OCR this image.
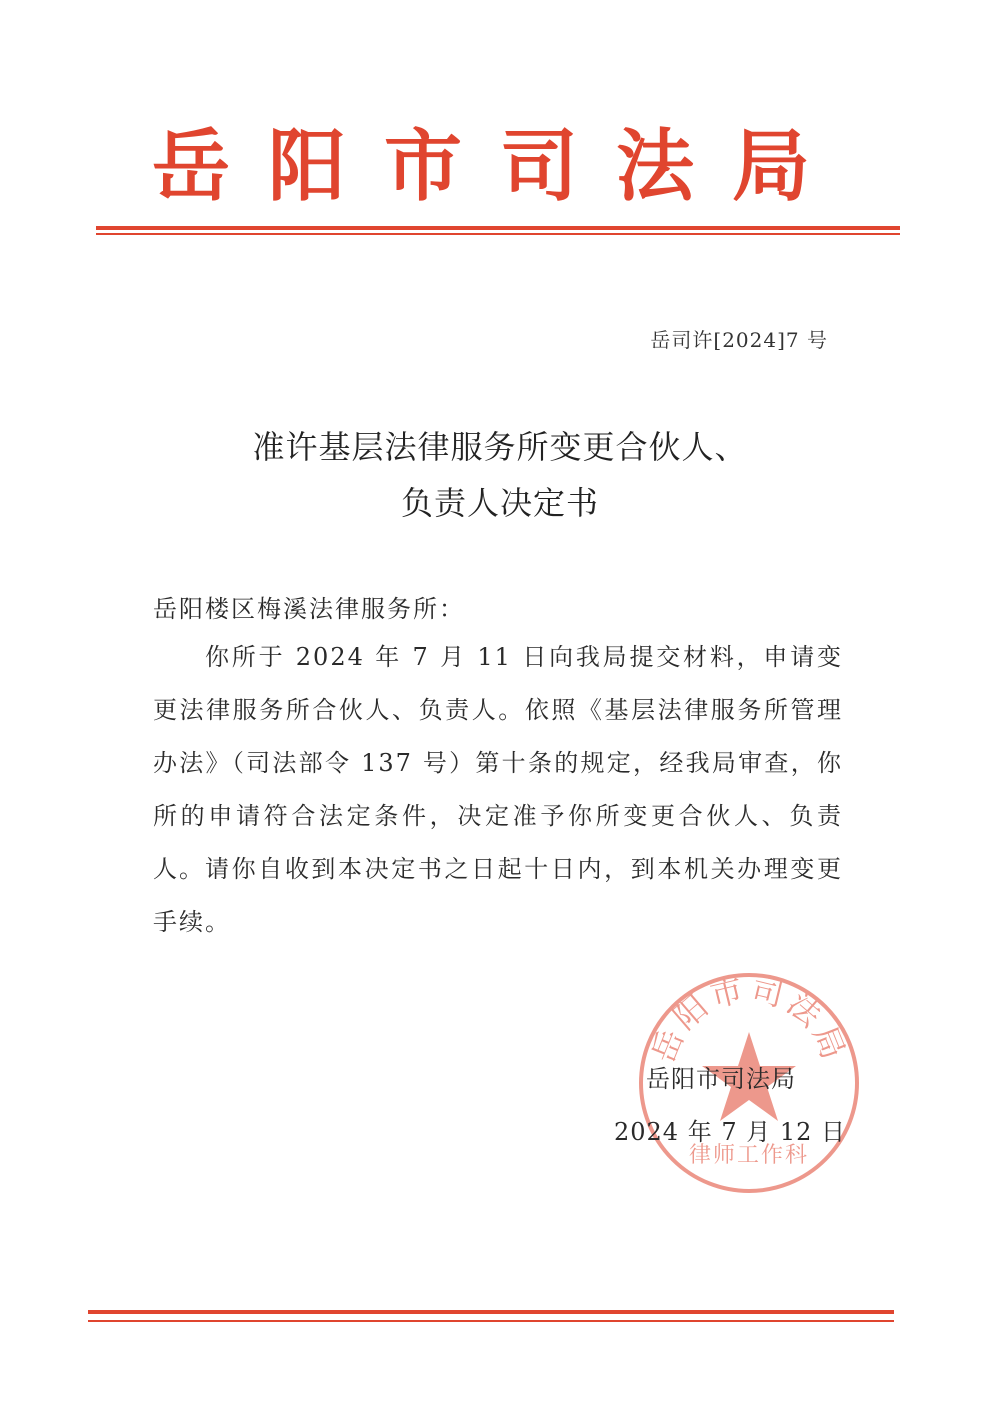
岳阳市司法局
岳司许[2024]7 号
准许基层法律服务所变更合伙人、
负责人决定书
岳阳楼区梅溪法律服务所：
你所于 2024 年 7 月 11 日向我局提交材料，申请变更法律服务所合伙人、负责人。依照《基层法律服务所管理办法》（司法部令 137 号）第十条的规定，经我局审查，你所的申请符合法定条件，决定准予你所变更合伙人、负责人。 请你自收到本决定书之日起十日内，到本机关办理变更手续。
岳阳市司法局
律师工作科
岳阳市司法局
2024 年 7 月 12 日
